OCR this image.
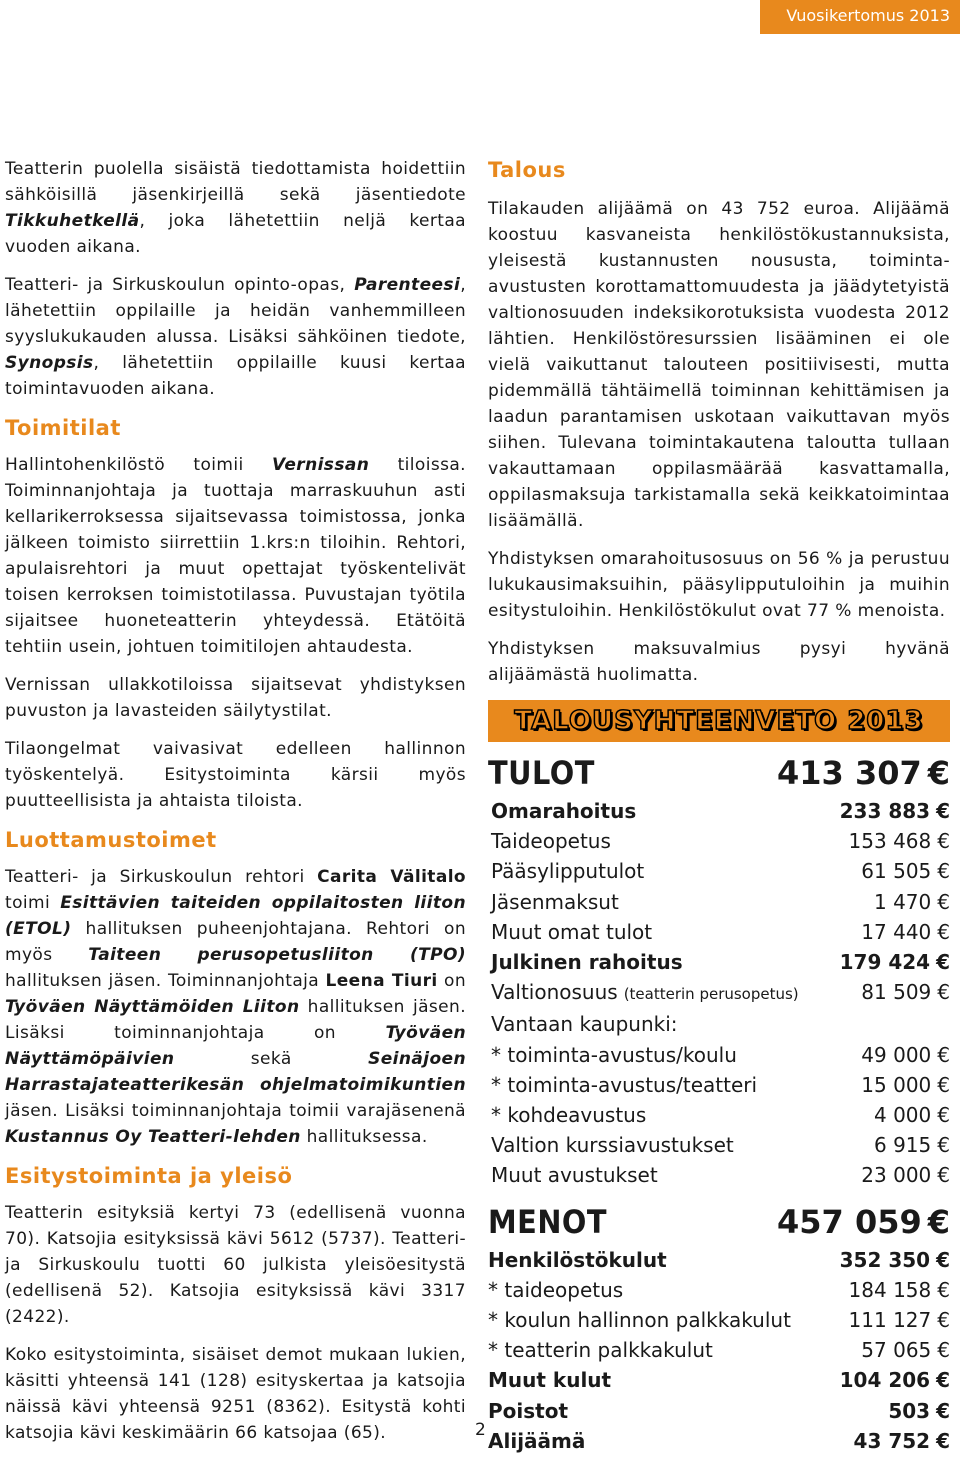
Vuosikertomus 2013

Teatterin puolella sisäistä tiedottamista hoidettiin sähköisillä jäsenkirjeillä sekä jäsentiedote Tikkuhetkellä, joka lähetettiin neljä kertaa vuoden aikana.

Teatteri- ja Sirkuskoulun opinto-opas, Parenteesi, lähetettiin oppilaille ja heidän vanhemmilleen syyslukukauden alussa. Lisäksi sähköinen tiedote, Synopsis, lähetettiin oppilaille kuusi kertaa toimintavuoden aikana.

Toimitilat

Hallintohenkilöstö toimii Vernissan tiloissa. Toiminnanjohtaja ja tuottaja marraskuuhun asti kellarikerroksessa sijaitsevassa toimistossa, jonka jälkeen toimisto siirrettiin 1.krs:n tiloihin. Rehtori, apulaisrehtori ja muut opettajat työskentelivät toisen kerroksen toimistotilassa. Puvustajan työtila sijaitsee huoneteatterin yhteydessä. Etätöitä tehtiin usein, johtuen toimitilojen ahtaudesta.

Vernissan ullakkotiloissa sijaitsevat yhdistyksen puvuston ja lavasteiden säilytystilat.

Tilaongelmat vaivasivat edelleen hallinnon työskentelyä. Esitystoiminta kärsii myös puutteellisista ja ahtaista tiloista.

Luottamustoimet

Teatteri- ja Sirkuskoulun rehtori Carita Välitalo toimi Esittävien taiteiden oppilaitosten liiton (ETOL) hallituksen puheenjohtajana. Rehtori on myös Taiteen perusopetusliiton (TPO) hallituksen jäsen. Toiminnanjohtaja Leena Tiuri on Työväen Näyttämöiden Liiton hallituksen jäsen. Lisäksi toiminnanjohtaja on Työväen Näyttämöpäivien sekä Seinäjoen Harrastajateatterikesän ohjelmatoimikuntien jäsen. Lisäksi toiminnanjohtaja toimii varajäsenenä Kustannus Oy Teatteri-lehden hallituksessa.

Esitystoiminta ja yleisö

Teatterin esityksiä kertyi 73 (edellisenä vuonna 70). Katsojia esityksissä kävi 5612 (5737). Teatteri- ja Sirkuskoulu tuotti 60 julkista yleisöesitystä (edellisenä 52). Katsojia esityksissä kävi 3317 (2422).

Koko esitystoiminta, sisäiset demot mukaan lukien, käsitti yhteensä 141 (128) esityskertaa ja katsojia näissä kävi yhteensä 9251 (8362). Esitystä kohti katsojia kävi keskimäärin 66 katsojaa (65).

Talous

Tilakauden alijäämä on 43 752 euroa. Alijäämä koostuu kasvaneista henkilöstökustannuksista, yleisestä kustannusten noususta, toiminta-avustusten korottamattomuudesta ja jäädytetyistä valtionosuuden indeksikorotuksista vuodesta 2012 lähtien. Henkilöstöresurssien lisääminen ei ole vielä vaikuttanut talouteen positiivisesti, mutta pidemmällä tähtäimellä toiminnan kehittämisen ja laadun parantamisen uskotaan vaikuttavan myös siihen. Tulevana toimintakautena taloutta tullaan vakauttamaan oppilasmäärää kasvattamalla, oppilasmaksuja tarkistamalla sekä keikkatoimintaa lisäämällä.

Yhdistyksen omarahoitusosuus on 56 % ja perustuu lukukausimaksuihin, pääsylipputuloihin ja muihin esitystuloihin. Henkilöstökulut ovat 77 % menoista.

Yhdistyksen maksuvalmius pysyi hyvänä alijäämästä huolimatta.

TALOUSYHTEENVETO 2013
TULOT	413 307 €
Omarahoitus	233 883 €
Taideopetus	153 468 €
Pääsylipputulot	61 505 €
Jäsenmaksut	1 470 €
Muut omat tulot	17 440 €
Julkinen rahoitus	179 424 €
Valtionosuus (teatterin perusopetus)	81 509 €
Vantaan kaupunki:
* toiminta-avustus/koulu	49 000 €
* toiminta-avustus/teatteri	15 000 €
* kohdeavustus	4 000 €
Valtion kurssiavustukset	6 915 €
Muut avustukset	23 000 €
MENOT	457 059 €
Henkilöstökulut	352 350 €
* taideopetus	184 158 €
* koulun hallinnon palkkakulut	111 127 €
* teatterin palkkakulut	57 065 €
Muut kulut	104 206 €
Poistot	503 €
Alijäämä	43 752 €
2
